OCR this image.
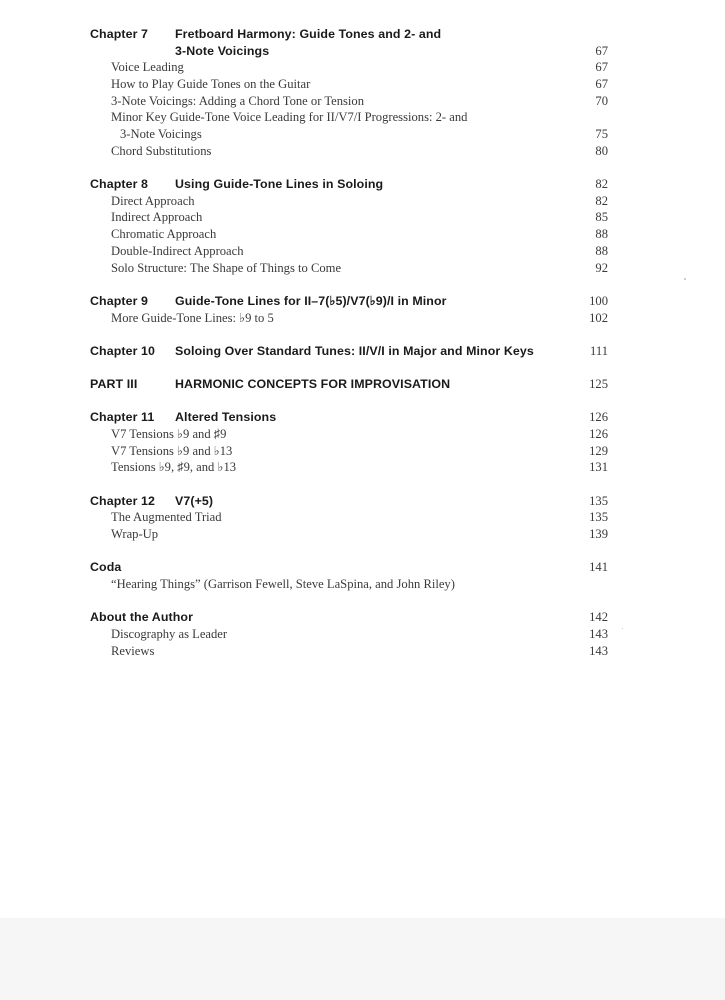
Chapter 7 Fretboard Harmony: Guide Tones and 2- and
3-Note Voicings	67
Voice Leading	67
How to Play Guide Tones on the Guitar	67
3-Note Voicings: Adding a Chord Tone or Tension	70
Minor Key Guide-Tone Voice Leading for II/V7/I Progressions: 2- and
3-Note Voicings	75
Chord Substitutions	80
Chapter 8 Using Guide-Tone Lines in Soloing	82
Direct Approach	82
Indirect Approach	85
Chromatic Approach	88
Double-Indirect Approach	88
Solo Structure: The Shape of Things to Come	92
Chapter 9 Guide-Tone Lines for II–7(♭5)/V7(♭9)/I in Minor	100
More Guide-Tone Lines: ♭9 to 5	102
Chapter 10 Soloing Over Standard Tunes: II/V/I in Major and Minor Keys	111
PART III	HARMONIC CONCEPTS FOR IMPROVISATION	125
Chapter 11 Altered Tensions	126
V7 Tensions ♭9 and ♯9	126
V7 Tensions ♭9 and ♭13	129
Tensions ♭9, ♯9, and ♭13	131
Chapter 12 V7(+5)	135
The Augmented Triad	135
Wrap-Up	139
Coda	141
“Hearing Things” (Garrison Fewell, Steve LaSpina, and John Riley)
About the Author	142
Discography as Leader	143
Reviews	143
